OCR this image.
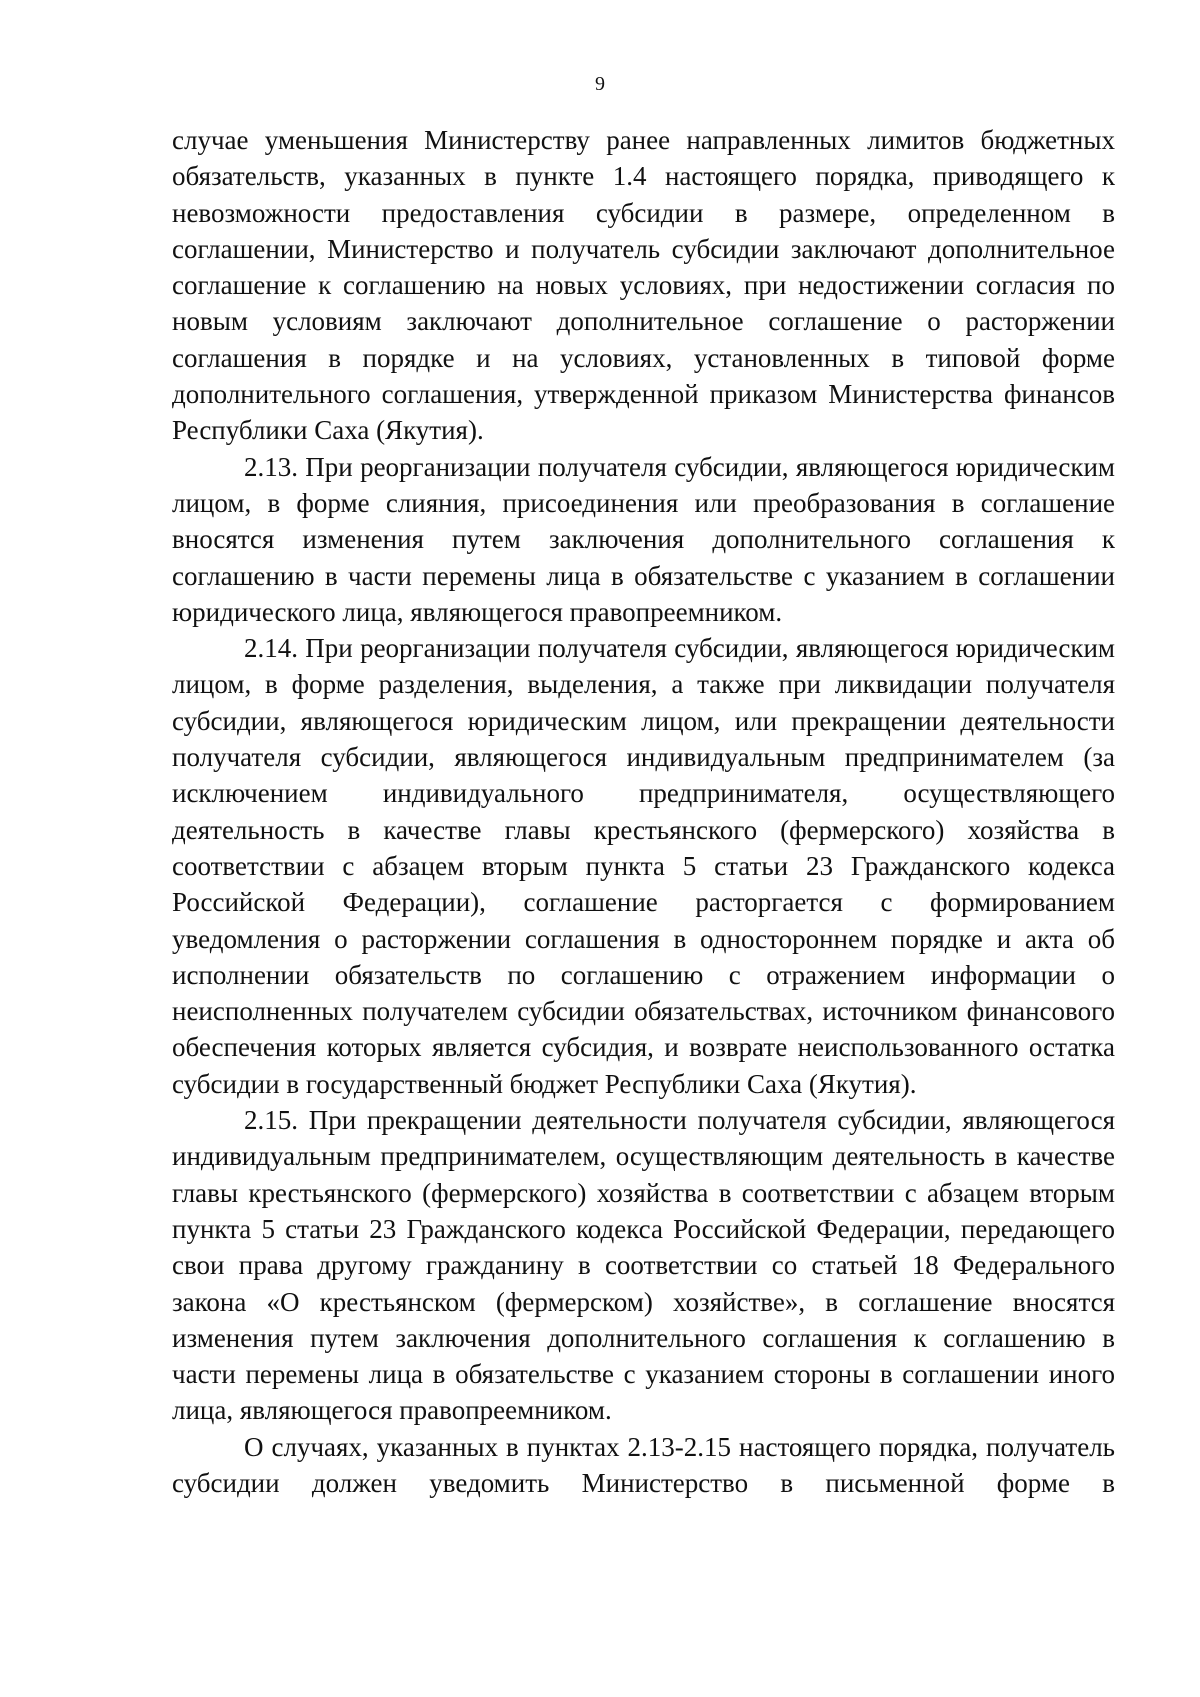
9

случае уменьшения Министерству ранее направленных лимитов бюджетных обязательств, указанных в пункте 1.4 настоящего порядка, приводящего к невозможности предоставления субсидии в размере, определенном в соглашении, Министерство и получатель субсидии заключают дополнительное соглашение к соглашению на новых условиях, при недостижении согласия по новым условиям заключают дополнительное соглашение о расторжении соглашения в порядке и на условиях, установленных в типовой форме дополнительного соглашения, утвержденной приказом Министерства финансов Республики Саха (Якутия).

2.13. При реорганизации получателя субсидии, являющегося юридическим лицом, в форме слияния, присоединения или преобразования в соглашение вносятся изменения путем заключения дополнительного соглашения к соглашению в части перемены лица в обязательстве с указанием в соглашении юридического лица, являющегося правопреемником.

2.14. При реорганизации получателя субсидии, являющегося юридическим лицом, в форме разделения, выделения, а также при ликвидации получателя субсидии, являющегося юридическим лицом, или прекращении деятельности получателя субсидии, являющегося индивидуальным предпринимателем (за исключением индивидуального предпринимателя, осуществляющего деятельность в качестве главы крестьянского (фермерского) хозяйства в соответствии с абзацем вторым пункта 5 статьи 23 Гражданского кодекса Российской Федерации), соглашение расторгается с формированием уведомления о расторжении соглашения в одностороннем порядке и акта об исполнении обязательств по соглашению с отражением информации о неисполненных получателем субсидии обязательствах, источником финансового обеспечения которых является субсидия, и возврате неиспользованного остатка субсидии в государственный бюджет Республики Саха (Якутия).

2.15. При прекращении деятельности получателя субсидии, являющегося индивидуальным предпринимателем, осуществляющим деятельность в качестве главы крестьянского (фермерского) хозяйства в соответствии с абзацем вторым пункта 5 статьи 23 Гражданского кодекса Российской Федерации, передающего свои права другому гражданину в соответствии со статьей 18 Федерального закона «О крестьянском (фермерском) хозяйстве», в соглашение вносятся изменения путем заключения дополнительного соглашения к соглашению в части перемены лица в обязательстве с указанием стороны в соглашении иного лица, являющегося правопреемником.

О случаях, указанных в пунктах 2.13-2.15 настоящего порядка, получатель субсидии должен уведомить Министерство в письменной форме в
